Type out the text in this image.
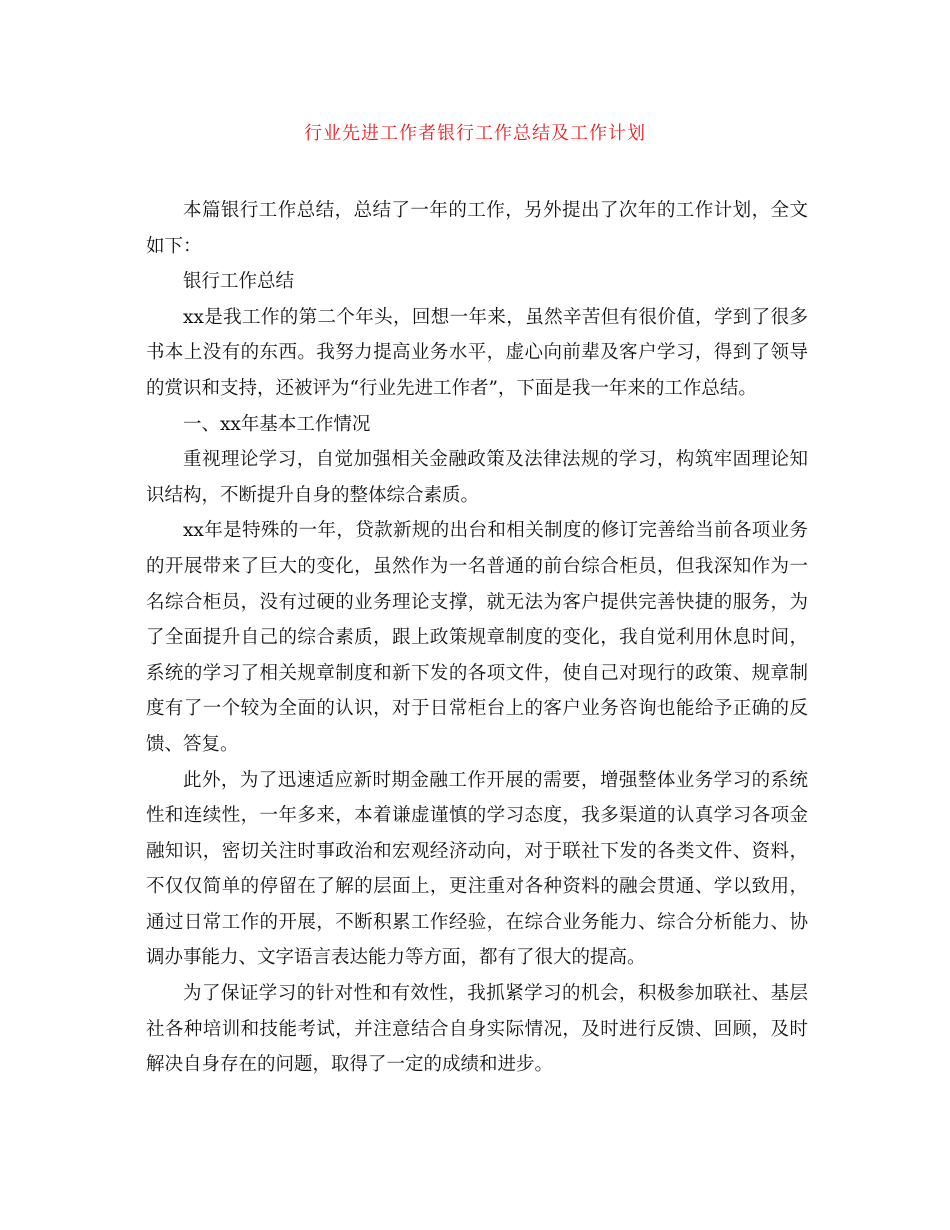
行业先进工作者银行工作总结及工作计划

本篇银行工作总结，总结了一年的工作，另外提出了次年的工作计划，全文如下：

银行工作总结

xx是我工作的第二个年头，回想一年来，虽然辛苦但有很价值，学到了很多书本上没有的东西。我努力提高业务水平，虚心向前辈及客户学习，得到了领导的赏识和支持，还被评为“行业先进工作者”，下面是我一年来的工作总结。

一、xx年基本工作情况

重视理论学习，自觉加强相关金融政策及法律法规的学习，构筑牢固理论知识结构，不断提升自身的整体综合素质。

xx年是特殊的一年，贷款新规的出台和相关制度的修订完善给当前各项业务的开展带来了巨大的变化，虽然作为一名普通的前台综合柜员，但我深知作为一名综合柜员，没有过硬的业务理论支撑，就无法为客户提供完善快捷的服务，为了全面提升自己的综合素质，跟上政策规章制度的变化，我自觉利用休息时间，系统的学习了相关规章制度和新下发的各项文件，使自己对现行的政策、规章制度有了一个较为全面的认识，对于日常柜台上的客户业务咨询也能给予正确的反馈、答复。

此外，为了迅速适应新时期金融工作开展的需要，增强整体业务学习的系统性和连续性，一年多来，本着谦虚谨慎的学习态度，我多渠道的认真学习各项金融知识，密切关注时事政治和宏观经济动向，对于联社下发的各类文件、资料，不仅仅简单的停留在了解的层面上，更注重对各种资料的融会贯通、学以致用，通过日常工作的开展，不断积累工作经验，在综合业务能力、综合分析能力、协调办事能力、文字语言表达能力等方面，都有了很大的提高。

为了保证学习的针对性和有效性，我抓紧学习的机会，积极参加联社、基层社各种培训和技能考试，并注意结合自身实际情况，及时进行反馈、回顾，及时解决自身存在的问题，取得了一定的成绩和进步。
